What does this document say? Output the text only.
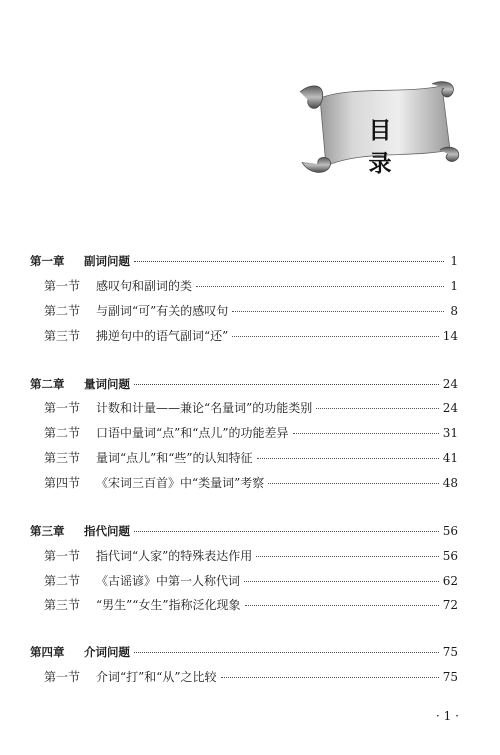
目　录
第一章 副词问题	1
第一节 感叹句和副词的类	1
第二节 与副词“可”有关的感叹句	8
第三节 拂逆句中的语气副词“还”	14
第二章 量词问题	24
第一节 计数和计量——兼论“名量词”的功能类别	24
第二节 口语中量词“点”和“点儿”的功能差异	31
第三节 量词“点儿”和“些”的认知特征	41
第四节 《宋词三百首》中“类量词”考察	48
第三章 指代问题	56
第一节 指代词“人家”的特殊表达作用	56
第二节 《古谣谚》中第一人称代词	62
第三节 “男生”“女生”指称泛化现象	72
第四章 介词问题	75
第一节 介词“打”和“从”之比较	75
· 1 ·
